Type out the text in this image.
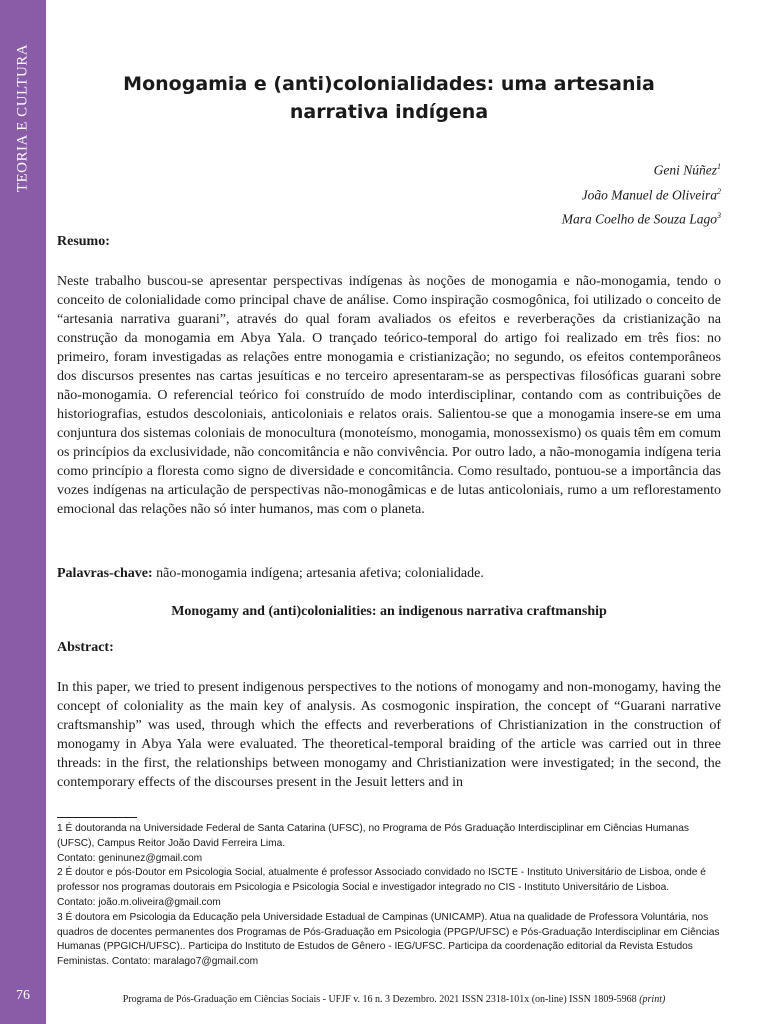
TEORIA E CULTURA
76
Monogamia e (anti)colonialidades: uma artesania narrativa indígena
Geni Núñez$^1$
João Manuel de Oliveira$^2$
Mara Coelho de Souza Lago$^3$
Resumo:

Neste trabalho buscou-se apresentar perspectivas indígenas às noções de monogamia e não-monogamia, tendo o conceito de colonialidade como principal chave de análise. Como inspiração cosmogônica, foi utilizado o conceito de “artesania narrativa guarani”, através do qual foram avaliados os efeitos e reverberações da cristianização na construção da monogamia em Abya Yala. O trançado teórico-temporal do artigo foi realizado em três fios: no primeiro, foram investigadas as relações entre monogamia e cristianização; no segundo, os efeitos contemporâneos dos discursos presentes nas cartas jesuíticas e no terceiro apresentaram-se as perspectivas filosóficas guarani sobre não-monogamia. O referencial teórico foi construído de modo interdisciplinar, contando com as contribuições de historiografias, estudos descoloniais, anticoloniais e relatos orais. Salientou-se que a monogamia insere-se em uma conjuntura dos sistemas coloniais de monocultura (monoteísmo, monogamia, monossexismo) os quais têm em comum os princípios da exclusividade, não concomitância e não convivência. Por outro lado, a não-monogamia indígena teria como princípio a floresta como signo de diversidade e concomitância. Como resultado, pontuou-se a importância das vozes indígenas na articulação de perspectivas não-monogâmicas e de lutas anticoloniais, rumo a um reflorestamento emocional das relações não só inter humanos, mas com o planeta.

Palavras-chave: não-monogamia indígena; artesania afetiva; colonialidade.

Monogamy and (anti)colonialities: an indigenous narrativa craftmanship
Abstract:

In this paper, we tried to present indigenous perspectives to the notions of monogamy and non-monogamy, having the concept of coloniality as the main key of analysis. As cosmogonic inspiration, the concept of “Guarani narrative craftsmanship” was used, through which the effects and reverberations of Christianization in the construction of monogamy in Abya Yala were evaluated. The theoretical-temporal braiding of the article was carried out in three threads: in the first, the relationships between monogamy and Christianization were investigated; in the second, the contemporary effects of the discourses present in the Jesuit letters and in

1 É doutoranda na Universidade Federal de Santa Catarina (UFSC), no Programa de Pós Graduação Interdisciplinar em Ciências Humanas (UFSC), Campus Reitor João David Ferreira Lima.

Contato: geninunez@gmail.com

2 É doutor e pós-Doutor em Psicologia Social, atualmente é professor Associado convidado no ISCTE - Instituto Universitário de Lisboa, onde é professor nos programas doutorais em Psicologia e Psicologia Social e investigador integrado no CIS - Instituto Universitário de Lisboa.

Contato: joão.m.oliveira@gmail.com

3 É doutora em Psicologia da Educação pela Universidade Estadual de Campinas (UNICAMP). Atua na qualidade de Professora Voluntária, nos quadros de docentes permanentes dos Programas de Pós-Graduação em Psicologia (PPGP/UFSC) e Pós-Graduação Interdisciplinar em Ciências Humanas (PPGICH/UFSC).. Participa do Instituto de Estudos de Gênero - IEG/UFSC. Participa da coordenação editorial da Revista Estudos Feministas. Contato: maralago7@gmail.com

Programa de Pós-Graduação em Ciências Sociais - UFJF v. 16 n. 3 Dezembro. 2021 ISSN 2318-101x (on-line) ISSN 1809-5968 (print)
